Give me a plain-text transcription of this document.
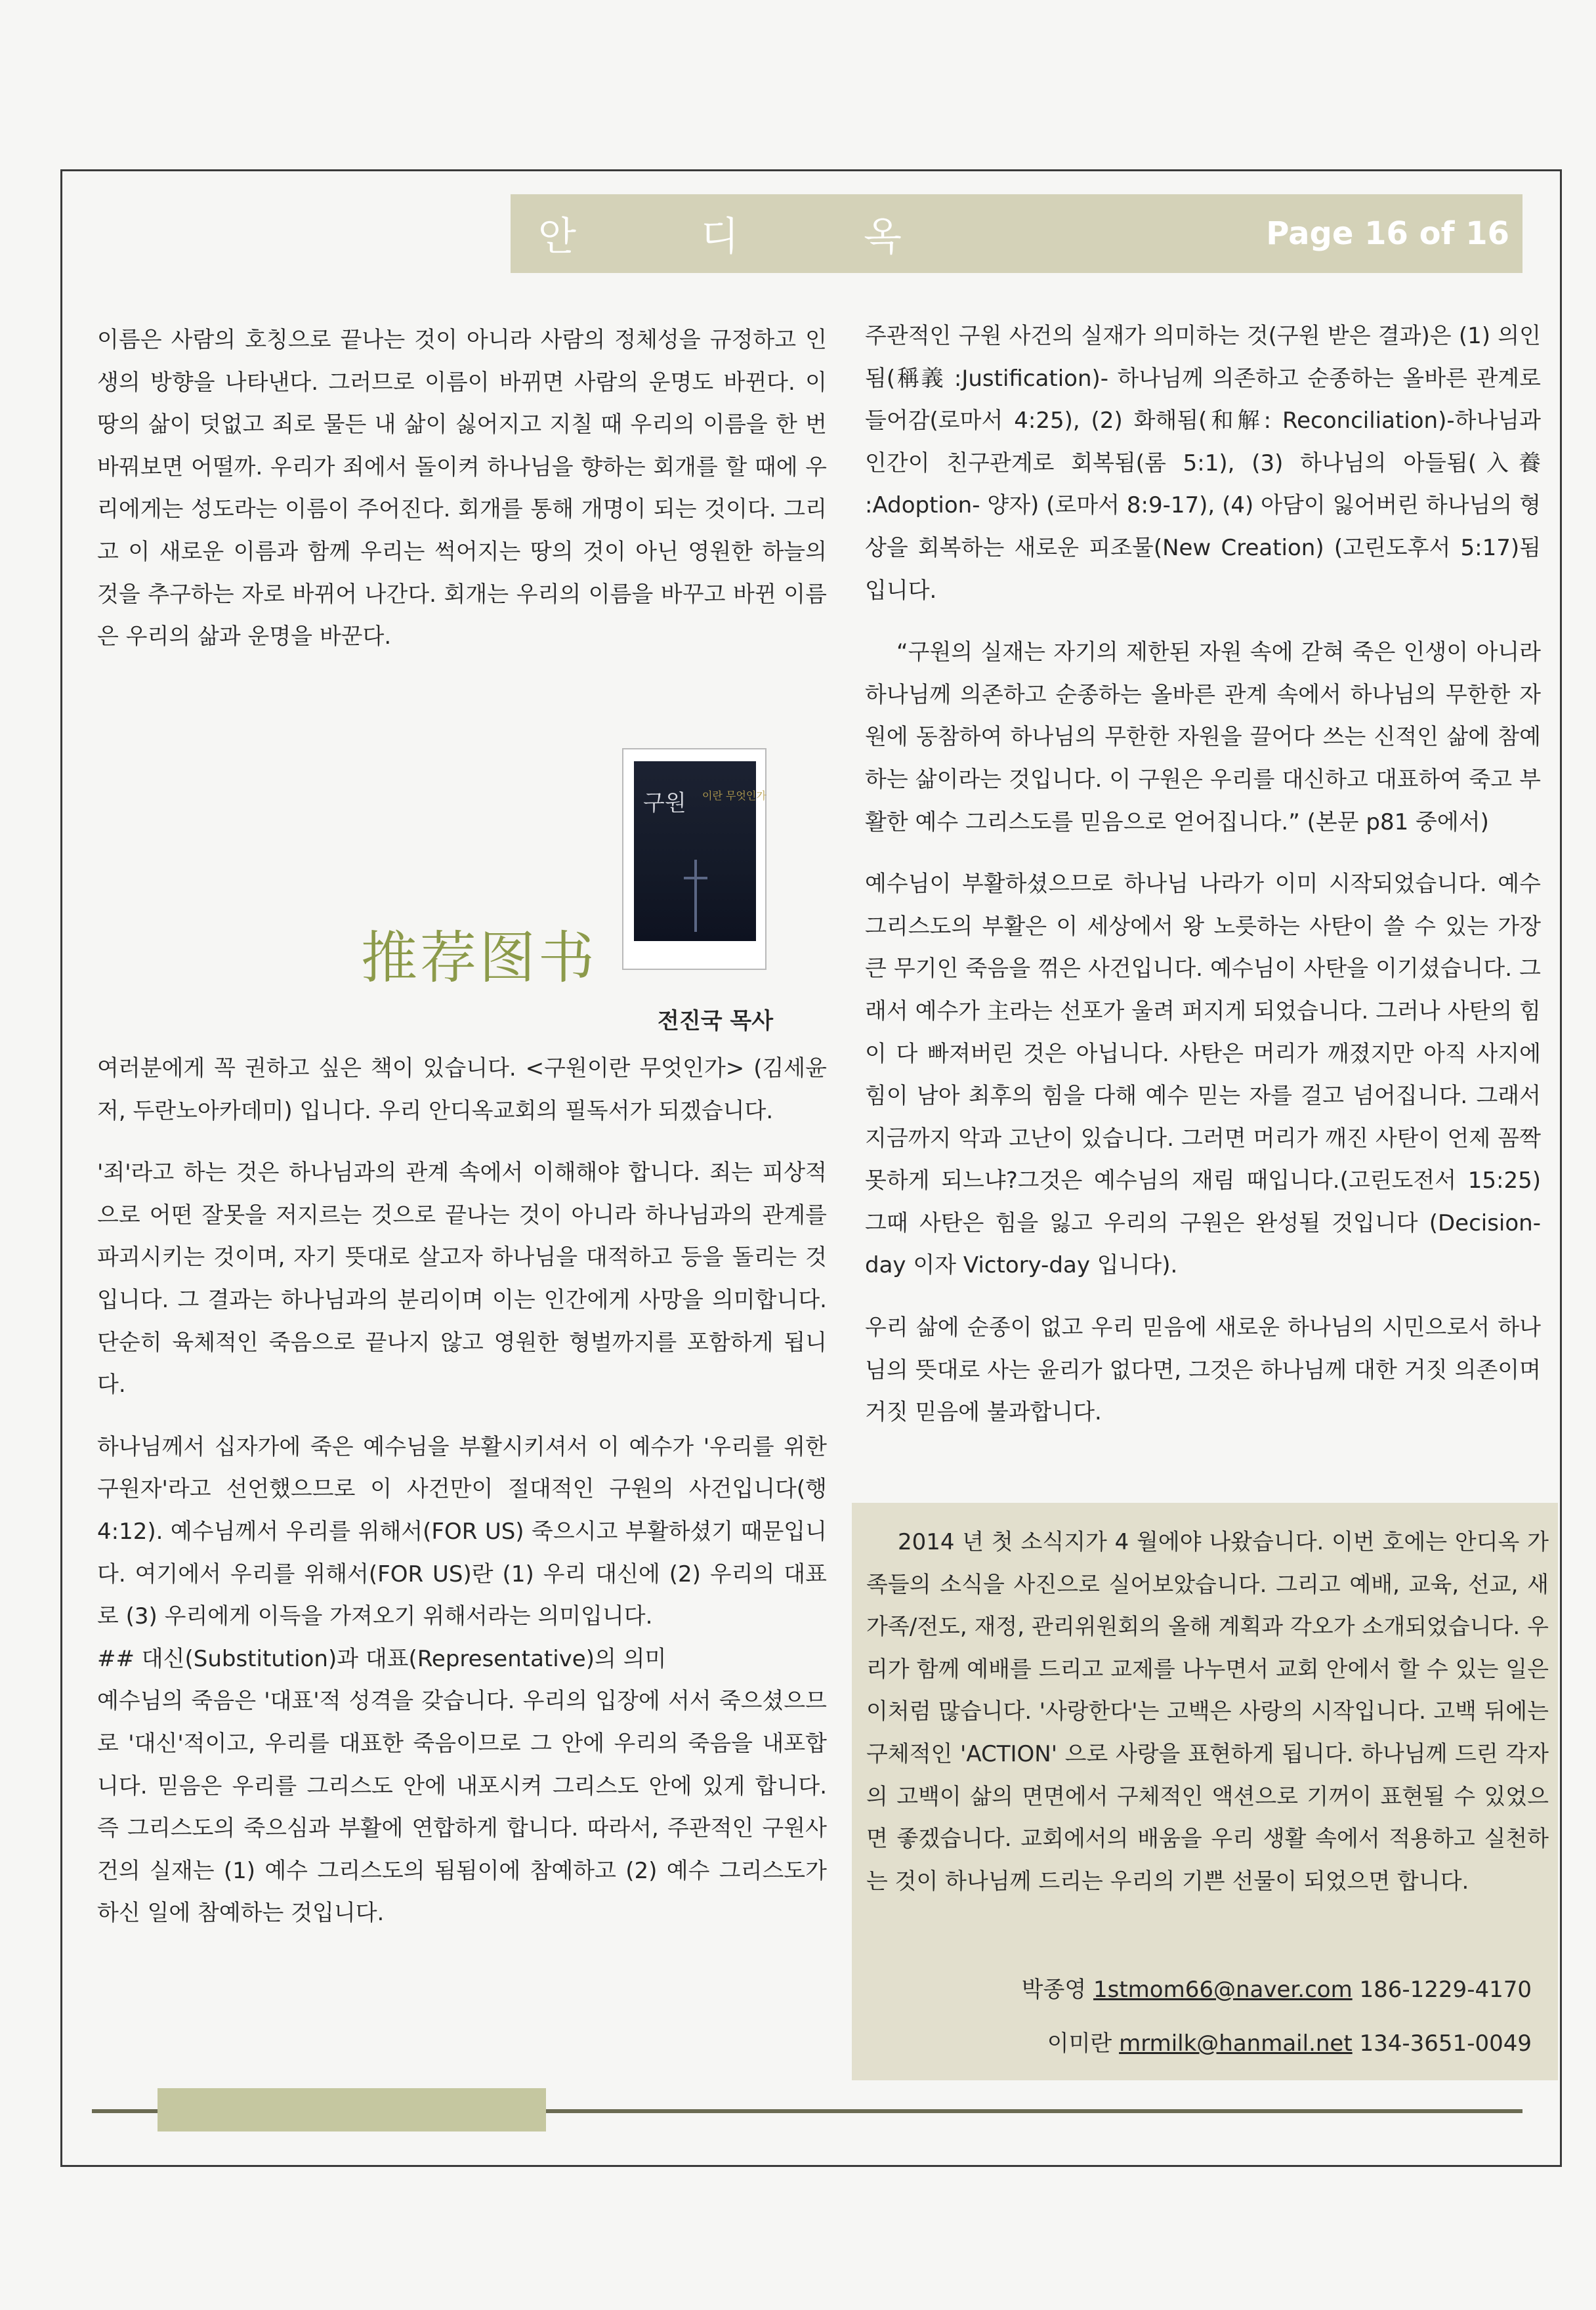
안	디	옥	Page 16 of 16

이름은 사람의 호칭으로 끝나는 것이 아니라 사람의 정체성을 규정하고 인생의 방향을 나타낸다. 그러므로 이름이 바뀌면 사람의 운명도 바뀐다. 이 땅의 삶이 덧없고 죄로 물든 내 삶이 싫어지고 지칠 때 우리의 이름을 한 번 바꿔보면 어떨까. 우리가 죄에서 돌이켜 하나님을 향하는 회개를 할 때에 우리에게는 성도라는 이름이 주어진다. 회개를 통해 개명이 되는 것이다. 그리고 이 새로운 이름과 함께 우리는 썩어지는 땅의 것이 아닌 영원한 하늘의 것을 추구하는 자로 바뀌어 나간다. 회개는 우리의 이름을 바꾸고 바뀐 이름은 우리의 삶과 운명을 바꾼다.

구원 이란 무엇인가
推荐图书
전진국 목사

여러분에게 꼭 권하고 싶은 책이 있습니다. <구원이란 무엇인가> (김세윤 저, 두란노아카데미) 입니다. 우리 안디옥교회의 필독서가 되겠습니다.

'죄'라고 하는 것은 하나님과의 관계 속에서 이해해야 합니다. 죄는 피상적으로 어떤 잘못을 저지르는 것으로 끝나는 것이 아니라 하나님과의 관계를 파괴시키는 것이며, 자기 뜻대로 살고자 하나님을 대적하고 등을 돌리는 것입니다. 그 결과는 하나님과의 분리이며 이는 인간에게 사망을 의미합니다. 단순히 육체적인 죽음으로 끝나지 않고 영원한 형벌까지를 포함하게 됩니다.

하나님께서 십자가에 죽은 예수님을 부활시키셔서 이 예수가 '우리를 위한 구원자'라고 선언했으므로 이 사건만이 절대적인 구원의 사건입니다(행 4:12). 예수님께서 우리를 위해서(FOR US) 죽으시고 부활하셨기 때문입니다. 여기에서 우리를 위해서(FOR US)란 (1) 우리 대신에 (2) 우리의 대표로 (3) 우리에게 이득을 가져오기 위해서라는 의미입니다.

## 대신(Substitution)과 대표(Representative)의 의미

예수님의 죽음은 '대표'적 성격을 갖습니다. 우리의 입장에 서서 죽으셨으므로 '대신'적이고, 우리를 대표한 죽음이므로 그 안에 우리의 죽음을 내포합니다. 믿음은 우리를 그리스도 안에 내포시켜 그리스도 안에 있게 합니다. 즉 그리스도의 죽으심과 부활에 연합하게 합니다. 따라서, 주관적인 구원사건의 실재는 (1) 예수 그리스도의 됨됨이에 참예하고 (2) 예수 그리스도가 하신 일에 참예하는 것입니다.

주관적인 구원 사건의 실재가 의미하는 것(구원 받은 결과)은 (1) 의인됨(稱義 :Justification)- 하나님께 의존하고 순종하는 올바른 관계로 들어감(로마서 4:25), (2) 화해됨(和解: Reconciliation)-하나님과 인간이 친구관계로 회복됨(롬 5:1), (3) 하나님의 아들됨(入養 :Adoption- 양자) (로마서 8:9-17), (4) 아담이 잃어버린 하나님의 형상을 회복하는 새로운 피조물(New Creation) (고린도후서 5:17)됨입니다.

“구원의 실재는 자기의 제한된 자원 속에 갇혀 죽은 인생이 아니라 하나님께 의존하고 순종하는 올바른 관계 속에서 하나님의 무한한 자원에 동참하여 하나님의 무한한 자원을 끌어다 쓰는 신적인 삶에 참예하는 삶이라는 것입니다. 이 구원은 우리를 대신하고 대표하여 죽고 부활한 예수 그리스도를 믿음으로 얻어집니다.” (본문 p81 중에서)

예수님이 부활하셨으므로 하나님 나라가 이미 시작되었습니다. 예수 그리스도의 부활은 이 세상에서 왕 노릇하는 사탄이 쓸 수 있는 가장 큰 무기인 죽음을 꺾은 사건입니다. 예수님이 사탄을 이기셨습니다. 그래서 예수가 主라는 선포가 울려 퍼지게 되었습니다. 그러나 사탄의 힘이 다 빠져버린 것은 아닙니다. 사탄은 머리가 깨졌지만 아직 사지에 힘이 남아 최후의 힘을 다해 예수 믿는 자를 걸고 넘어집니다. 그래서 지금까지 악과 고난이 있습니다. 그러면 머리가 깨진 사탄이 언제 꼼짝 못하게 되느냐?그것은 예수님의 재림 때입니다.(고린도전서 15:25) 그때 사탄은 힘을 잃고 우리의 구원은 완성될 것입니다 (Decision-day 이자 Victory-day 입니다).

우리 삶에 순종이 없고 우리 믿음에 새로운 하나님의 시민으로서 하나님의 뜻대로 사는 윤리가 없다면, 그것은 하나님께 대한 거짓 의존이며 거짓 믿음에 불과합니다.

2014 년 첫 소식지가 4 월에야 나왔습니다. 이번 호에는 안디옥 가족들의 소식을 사진으로 실어보았습니다. 그리고 예배, 교육, 선교, 새가족/전도, 재정, 관리위원회의 올해 계획과 각오가 소개되었습니다. 우리가 함께 예배를 드리고 교제를 나누면서 교회 안에서 할 수 있는 일은 이처럼 많습니다. '사랑한다'는 고백은 사랑의 시작입니다. 고백 뒤에는 구체적인 'ACTION' 으로 사랑을 표현하게 됩니다. 하나님께 드린 각자의 고백이 삶의 면면에서 구체적인 액션으로 기꺼이 표현될 수 있었으면 좋겠습니다. 교회에서의 배움을 우리 생활 속에서 적용하고 실천하는 것이 하나님께 드리는 우리의 기쁜 선물이 되었으면 합니다.

박종영 1stmom66@naver.com 186-1229-4170
이미란 mrmilk@hanmail.net 134-3651-0049
